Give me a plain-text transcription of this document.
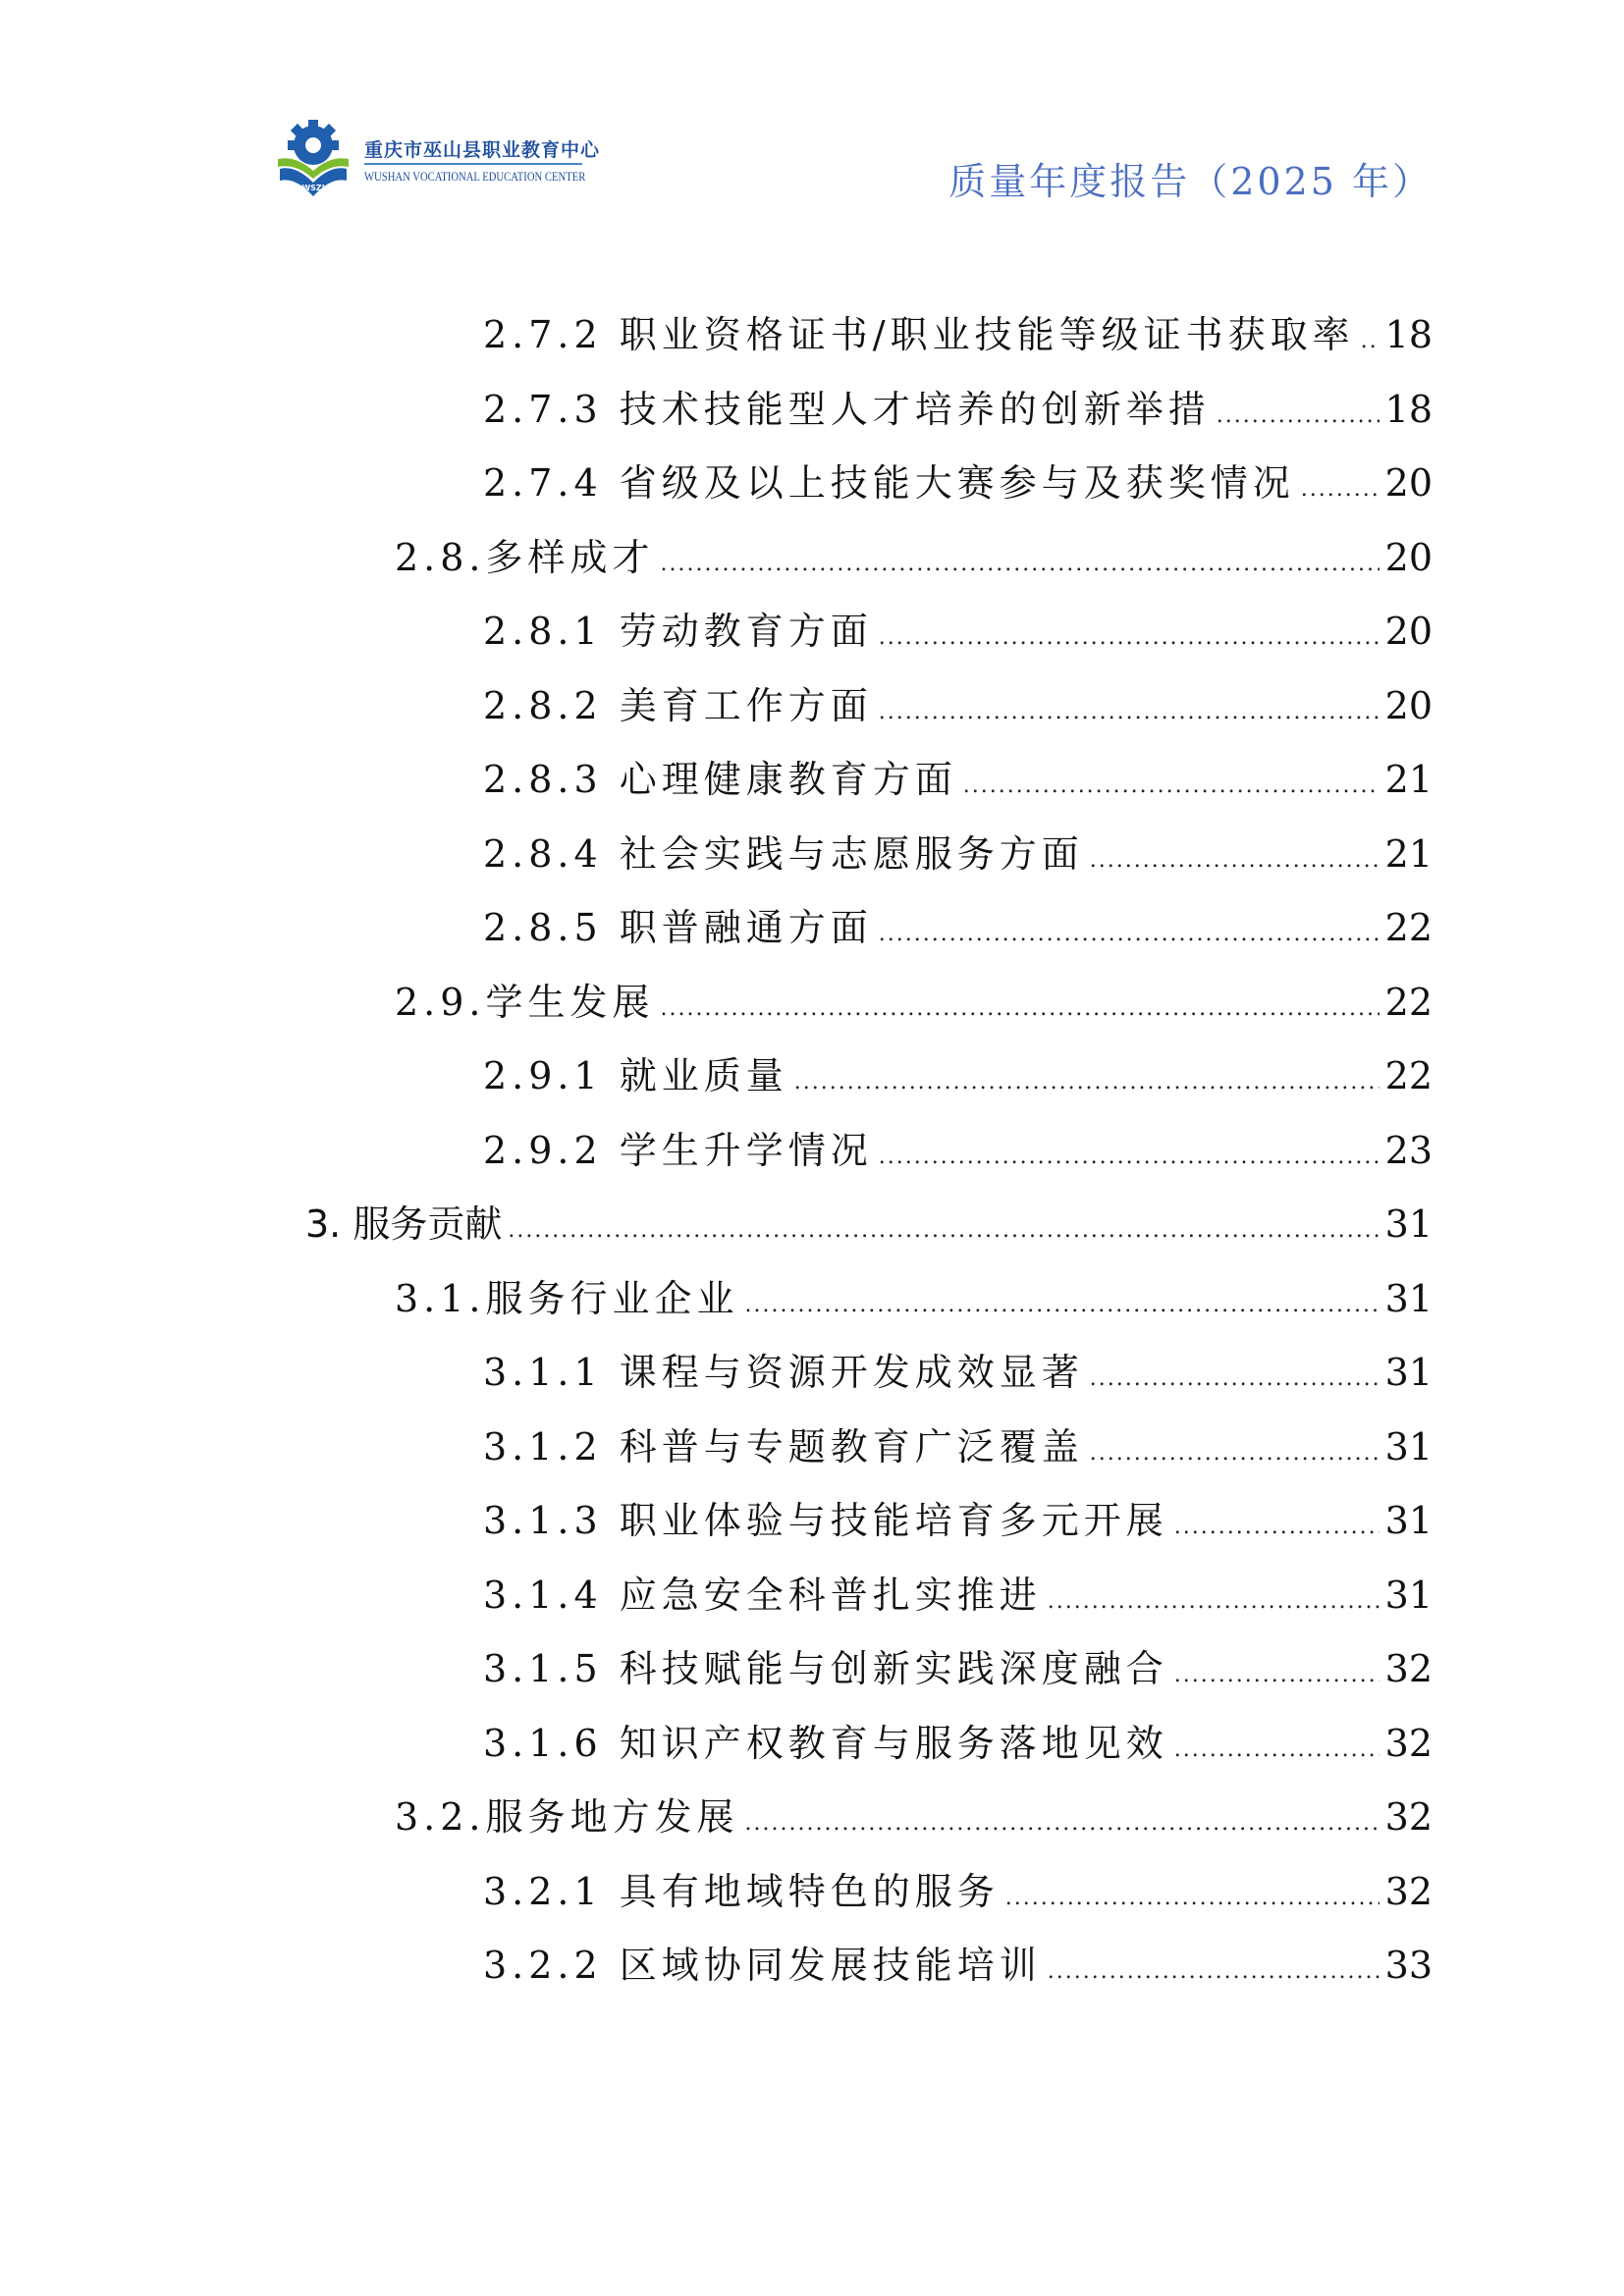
WSZJ
重庆市巫山县职业教育中心
WUSHAN VOCATIONAL EDUCATION CENTER	质量年度报告（2025 年）
2.7.2 职业资格证书/职业技能等级证书获取率 ..... 18
2.7.3 技术技能型人才培养的创新举措 .....	18
2.7.4 省级及以上技能大赛参与及获奖情况 ..... 20
2.8.多样成才 .....	20
2.8.1 劳动教育方面 .....	20
2.8.2 美育工作方面 .....	20
2.8.3 心理健康教育方面 .....	21
2.8.4 社会实践与志愿服务方面 .....	21
2.8.5 职普融通方面 .....	22
2.9.学生发展 .....	22
2.9.1 就业质量 .....	22
2.9.2 学生升学情况 .....	23
3. 服务贡献 .....	31
3.1.服务行业企业 .....	31
3.1.1 课程与资源开发成效显著 .....	31
3.1.2 科普与专题教育广泛覆盖 .....	31
3.1.3 职业体验与技能培育多元开展 .....	31
3.1.4 应急安全科普扎实推进 .....	31
3.1.5 科技赋能与创新实践深度融合 .....	32
3.1.6 知识产权教育与服务落地见效 .....	32
3.2.服务地方发展 .....	32
3.2.1 具有地域特色的服务 .....	32
3.2.2 区域协同发展技能培训 .....	33
